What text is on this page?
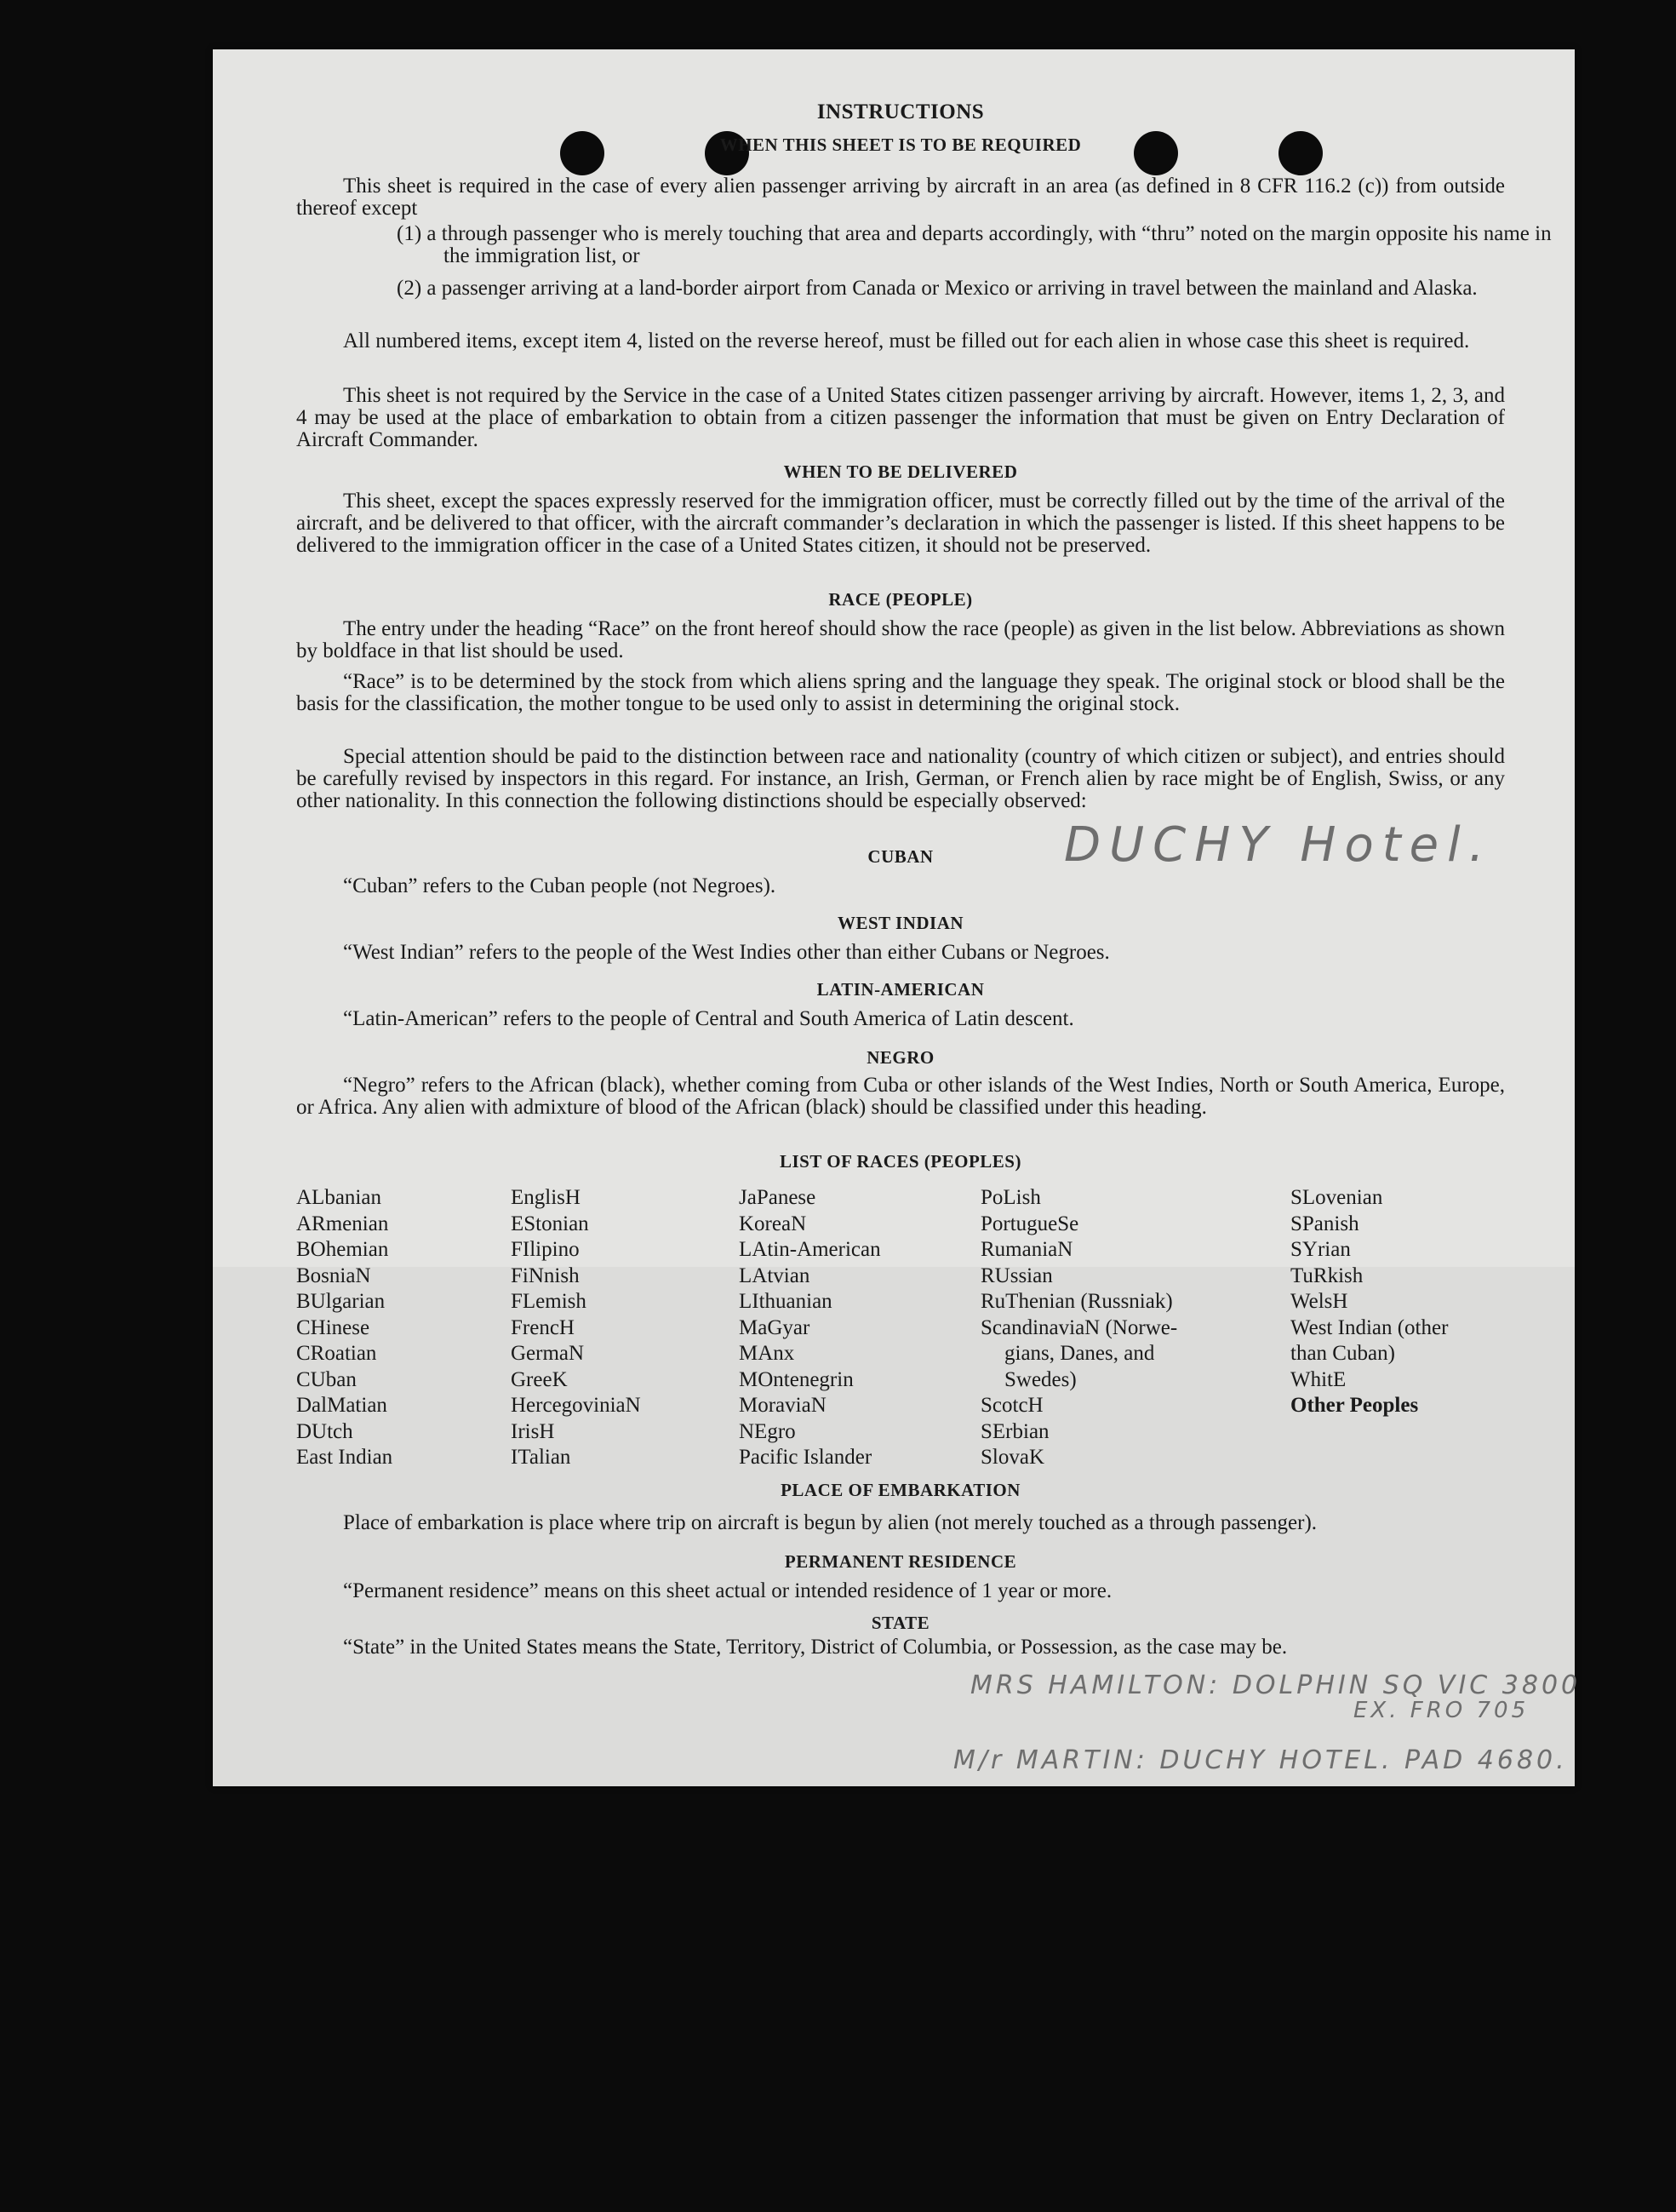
INSTRUCTIONS
WHEN THIS SHEET IS TO BE REQUIRED
This sheet is required in the case of every alien passenger arriving by aircraft in an area (as defined in 8 CFR 116.2 (c)) from outside thereof except
(1) a through passenger who is merely touching that area and departs accordingly, with “thru” noted on the margin opposite his name in the immigration list, or
(2) a passenger arriving at a land-border airport from Canada or Mexico or arriving in travel between the mainland and Alaska.
All numbered items, except item 4, listed on the reverse hereof, must be filled out for each alien in whose case this sheet is required.
This sheet is not required by the Service in the case of a United States citizen passenger arriving by aircraft. However, items 1, 2, 3, and 4 may be used at the place of embarkation to obtain from a citizen passenger the information that must be given on Entry Declaration of Aircraft Commander.
WHEN TO BE DELIVERED
This sheet, except the spaces expressly reserved for the immigration officer, must be correctly filled out by the time of the arrival of the aircraft, and be delivered to that officer, with the aircraft commander’s declaration in which the passenger is listed. If this sheet happens to be delivered to the immigration officer in the case of a United States citizen, it should not be preserved.
RACE (PEOPLE)
The entry under the heading “Race” on the front hereof should show the race (people) as given in the list below. Abbreviations as shown by boldface in that list should be used.
“Race” is to be determined by the stock from which aliens spring and the language they speak. The original stock or blood shall be the basis for the classification, the mother tongue to be used only to assist in determining the original stock.
Special attention should be paid to the distinction between race and nationality (country of which citizen or subject), and entries should be carefully revised by inspectors in this regard. For instance, an Irish, German, or French alien by race might be of English, Swiss, or any other nationality. In this connection the following distinctions should be especially observed:
CUBAN
“Cuban” refers to the Cuban people (not Negroes).
WEST INDIAN
“West Indian” refers to the people of the West Indies other than either Cubans or Negroes.
LATIN-AMERICAN
“Latin-American” refers to the people of Central and South America of Latin descent.
NEGRO
“Negro” refers to the African (black), whether coming from Cuba or other islands of the West Indies, North or South America, Europe, or Africa. Any alien with admixture of blood of the African (black) should be classified under this heading.
LIST OF RACES (PEOPLES)
ALbanian
ARmenian
BOhemian
BosniaN
BUlgarian
CHinese
CRoatian
CUban
DalMatian
DUtch
East Indian
EnglisH
EStonian
FIlipino
FiNnish
FLemish
FrencH
GermaN
GreeK
HercegoviniaN
IrisH
ITalian
JaPanese
KoreaN
LAtin-American
LAtvian
LIthuanian
MaGyar
MAnx
MOntenegrin
MoraviaN
NEgro
Pacific Islander
PoLish
PortugueSe
RumaniaN
RUssian
RuThenian (Russniak)
ScandinaviaN (Norwe-
gians, Danes, and
Swedes)
ScotcH
SErbian
SlovaK
SLovenian
SPanish
SYrian
TuRkish
WelsH
West Indian (other
than Cuban)
WhitE
Other Peoples
PLACE OF EMBARKATION
Place of embarkation is place where trip on aircraft is begun by alien (not merely touched as a through passenger).
PERMANENT RESIDENCE
“Permanent residence” means on this sheet actual or intended residence of 1 year or more.
STATE
“State” in the United States means the State, Territory, District of Columbia, or Possession, as the case may be.
DUCHY Hotel.
MRS HAMILTON: DOLPHIN SQ VIC 3800
EX. FRO 705
M/r MARTIN: DUCHY HOTEL. PAD 4680.
